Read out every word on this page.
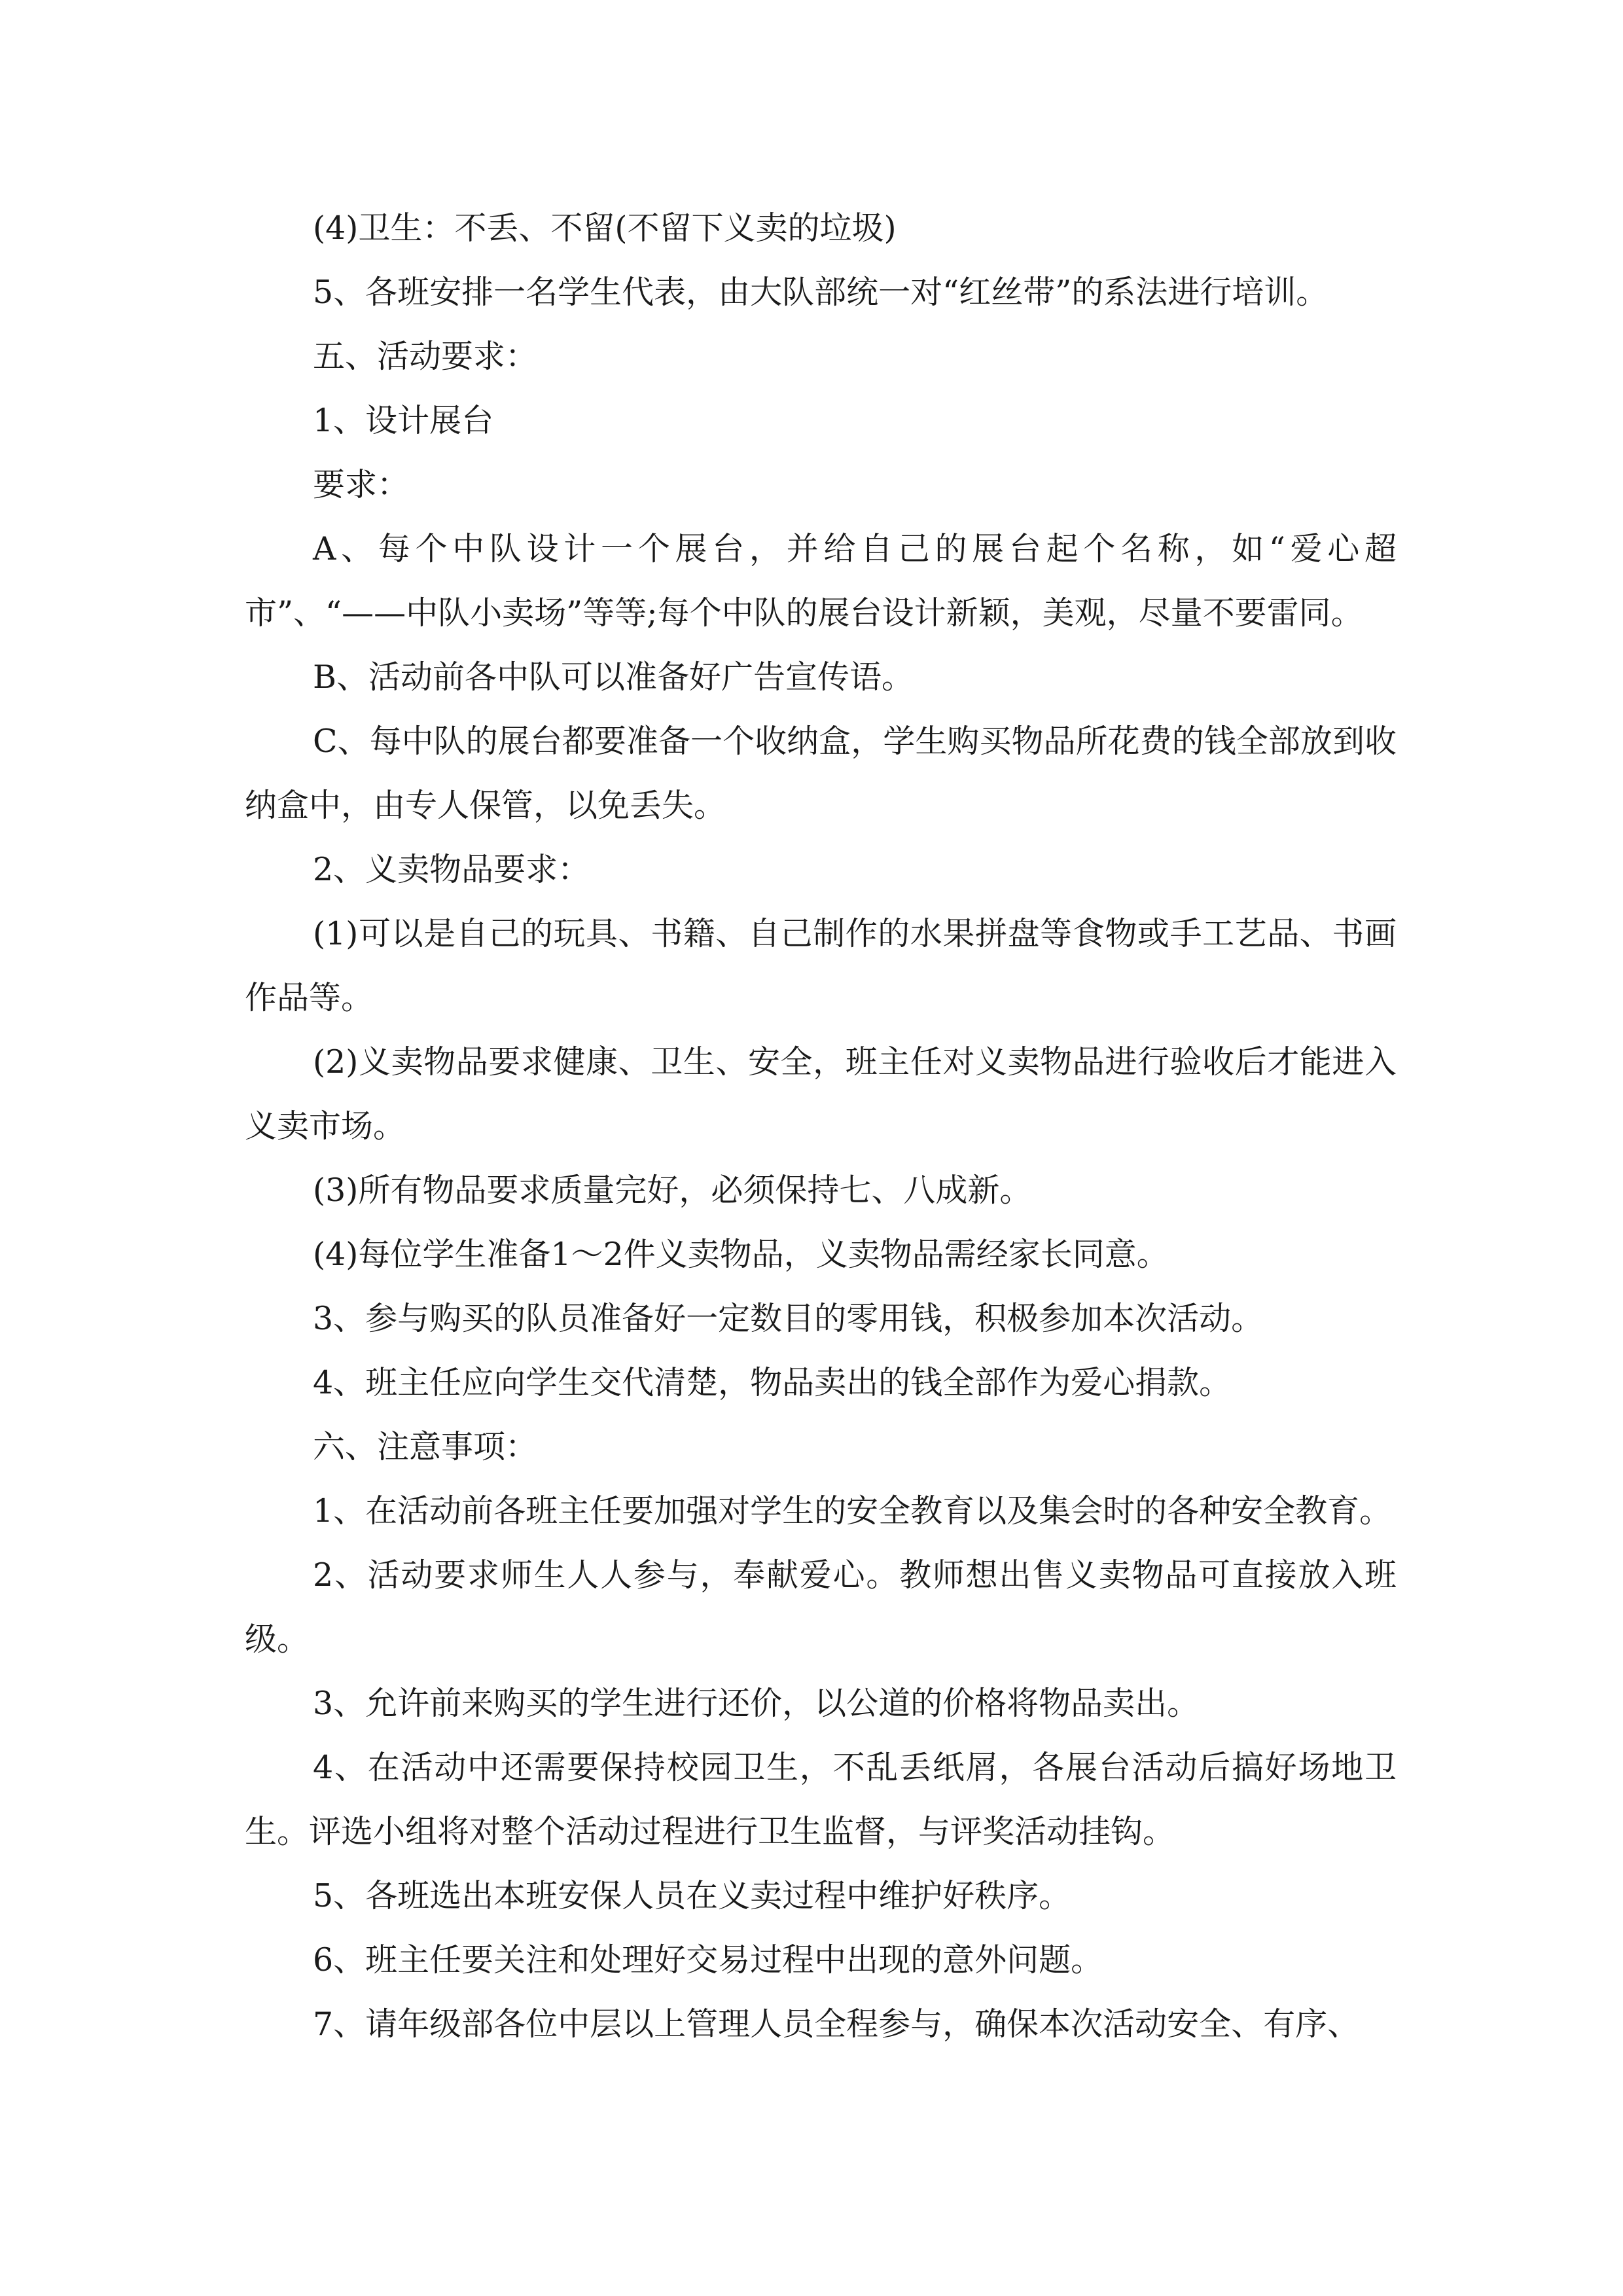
(4)卫生：不丢、不留(不留下义卖的垃圾)

5、各班安排一名学生代表，由大队部统一对“红丝带”的系法进行培训。

五、活动要求：

1、设计展台

要求：

A、每个中队设计一个展台，并给自己的展台起个名称，如“爱心超市”、“——中队小卖场”等等;每个中队的展台设计新颖，美观，尽量不要雷同。

B、活动前各中队可以准备好广告宣传语。

C、每中队的展台都要准备一个收纳盒，学生购买物品所花费的钱全部放到收纳盒中，由专人保管，以免丢失。

2、义卖物品要求：

(1)可以是自己的玩具、书籍、自己制作的水果拼盘等食物或手工艺品、书画作品等。

(2)义卖物品要求健康、卫生、安全，班主任对义卖物品进行验收后才能进入义卖市场。

(3)所有物品要求质量完好，必须保持七、八成新。

(4)每位学生准备1～2件义卖物品，义卖物品需经家长同意。

3、参与购买的队员准备好一定数目的零用钱，积极参加本次活动。

4、班主任应向学生交代清楚，物品卖出的钱全部作为爱心捐款。

六、注意事项：

1、在活动前各班主任要加强对学生的安全教育以及集会时的各种安全教育。

2、活动要求师生人人参与，奉献爱心。教师想出售义卖物品可直接放入班级。

3、允许前来购买的学生进行还价，以公道的价格将物品卖出。

4、在活动中还需要保持校园卫生，不乱丢纸屑，各展台活动后搞好场地卫生。评选小组将对整个活动过程进行卫生监督，与评奖活动挂钩。

5、各班选出本班安保人员在义卖过程中维护好秩序。

6、班主任要关注和处理好交易过程中出现的意外问题。

7、请年级部各位中层以上管理人员全程参与，确保本次活动安全、有序、
